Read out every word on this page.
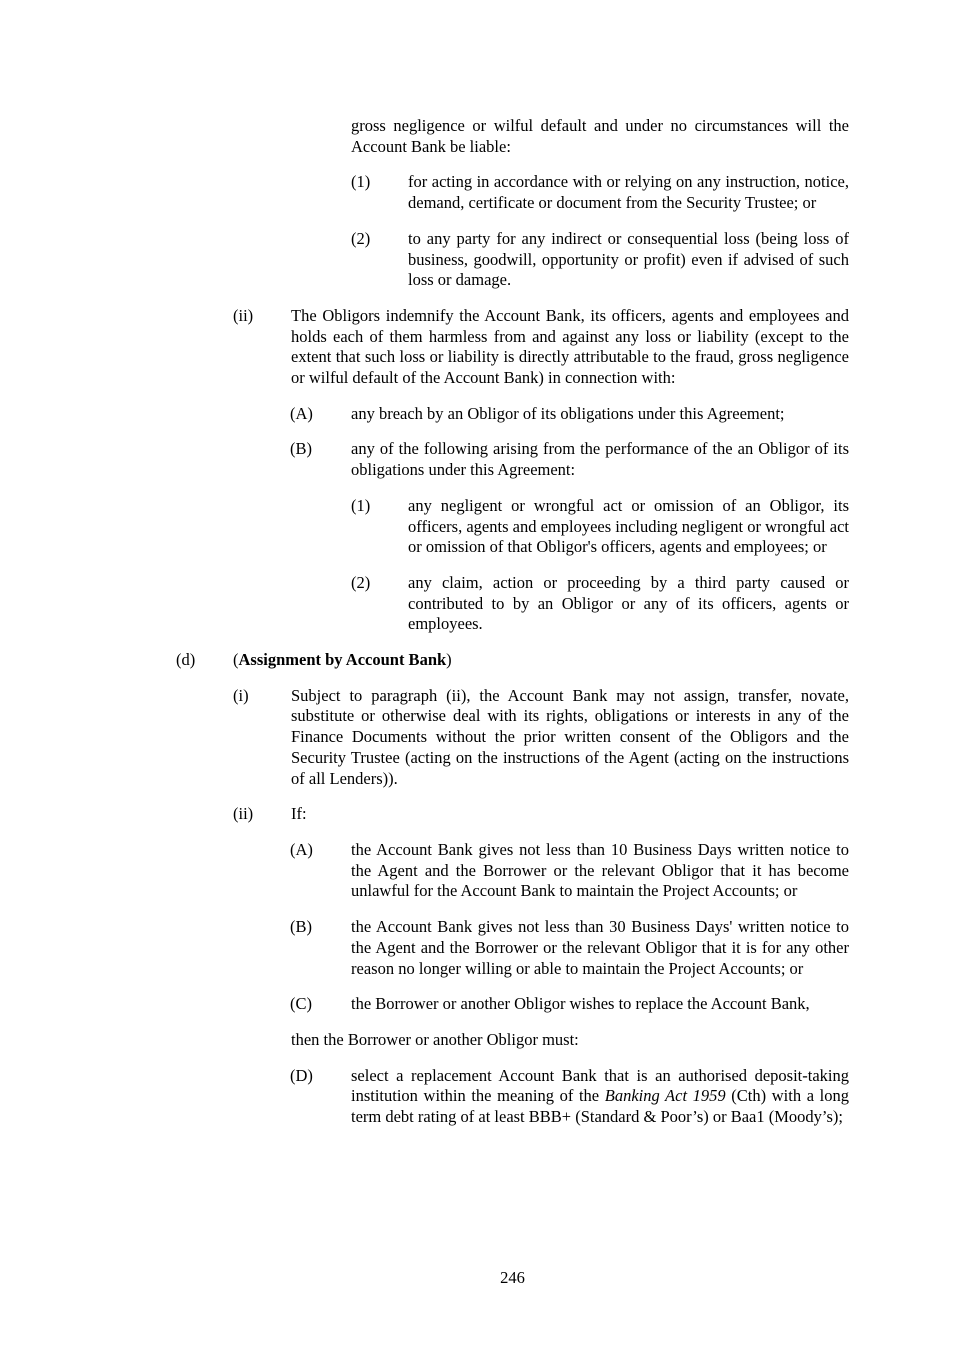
gross negligence or wilful default and under no circumstances will the Account Bank be liable:
(1) for acting in accordance with or relying on any instruction, notice, demand, certificate or document from the Security Trustee; or
(2) to any party for any indirect or consequential loss (being loss of business, goodwill, opportunity or profit) even if advised of such loss or damage.
(ii) The Obligors indemnify the Account Bank, its officers, agents and employees and holds each of them harmless from and against any loss or liability (except to the extent that such loss or liability is directly attributable to the fraud, gross negligence or wilful default of the Account Bank) in connection with:
(A) any breach by an Obligor of its obligations under this Agreement;
(B) any of the following arising from the performance of the an Obligor of its obligations under this Agreement:
(1) any negligent or wrongful act or omission of an Obligor, its officers, agents and employees including negligent or wrongful act or omission of that Obligor's officers, agents and employees; or
(2) any claim, action or proceeding by a third party caused or contributed to by an Obligor or any of its officers, agents or employees.
(d) (Assignment by Account Bank)
(i)	Subject to paragraph (ii), the Account Bank may not assign, transfer, novate, substitute or otherwise deal with its rights, obligations or interests in any of the Finance Documents without the prior written consent of the Obligors and the Security Trustee (acting on the instructions of the Agent (acting on the instructions of all Lenders)).
(ii) If:
(A) the Account Bank gives not less than 10 Business Days written notice to the Agent and the Borrower or the relevant Obligor that it has become unlawful for the Account Bank to maintain the Project Accounts; or
(B) the Account Bank gives not less than 30 Business Days' written notice to the Agent and the Borrower or the relevant Obligor that it is for any other reason no longer willing or able to maintain the Project Accounts; or
(C) the Borrower or another Obligor wishes to replace the Account Bank,
then the Borrower or another Obligor must:
(D) select a replacement Account Bank that is an authorised deposit-taking institution within the meaning of the Banking Act 1959 (Cth) with a long term debt rating of at least BBB+ (Standard & Poor’s) or Baa1 (Moody’s);
246
